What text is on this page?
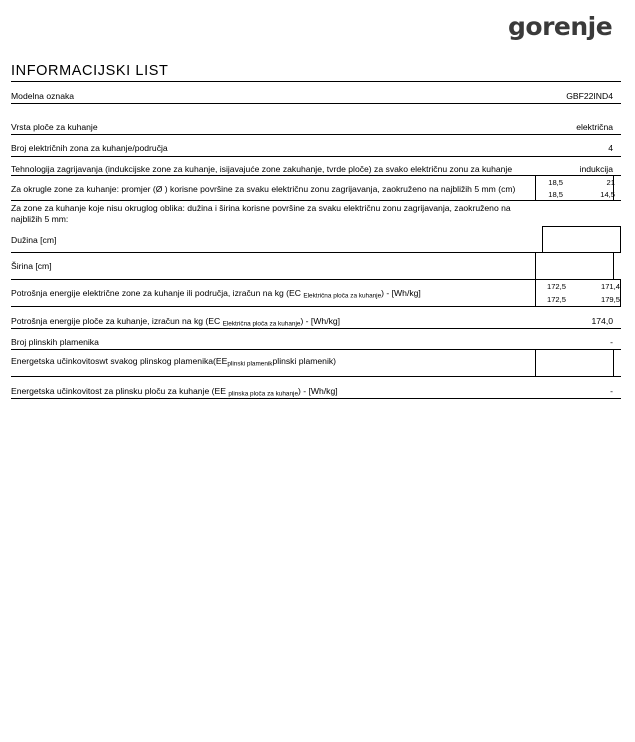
gorenje
INFORMACIJSKI LIST
Modelna oznaka	GBF22IND4
Vrsta ploče za kuhanje	električna
Broj električnih zona za kuhanje/područja	4
Tehnologija zagrijavanja (indukcijske zone za kuhanje, isijavajuće zone zakuhanje, tvrde ploče) za svako električnu zonu za kuhanje	indukcija
Za okrugle zone za kuhanje: promjer (Ø ) korisne površine za svaku električnu zonu zagrijavanja, zaokruženo na najbližih 5 mm (cm)
18,5	21
18,5	14,5
Za zone za kuhanje koje nisu okruglog oblika: dužina i širina korisne površine za svaku električnu zonu zagrijavanja, zaokruženo na najbližih 5 mm:
Dužina [cm]
Širina [cm]
Potrošnja energije električne zone za kuhanje ili područja, izračun na kg (EC $_{Električna ploča za kuhanje}$) - [Wh/kg]
172,5	171,4
172,5	179,5
Potrošnja energije ploče za kuhanje, izračun na kg (EC $_{Električna ploča za kuhanje}$) - [Wh/kg]	174,0
Broj plinskih plamenika	-
Energetska učinkovitoswt svakog plinskog $plamenika(EE_{plinski plamenik}plinski$ plamenik)
Energetska učinkovitost za plinsku ploču za kuhanje (EE $_{plinska ploča za kuhanje}$) - [Wh/kg]	-
